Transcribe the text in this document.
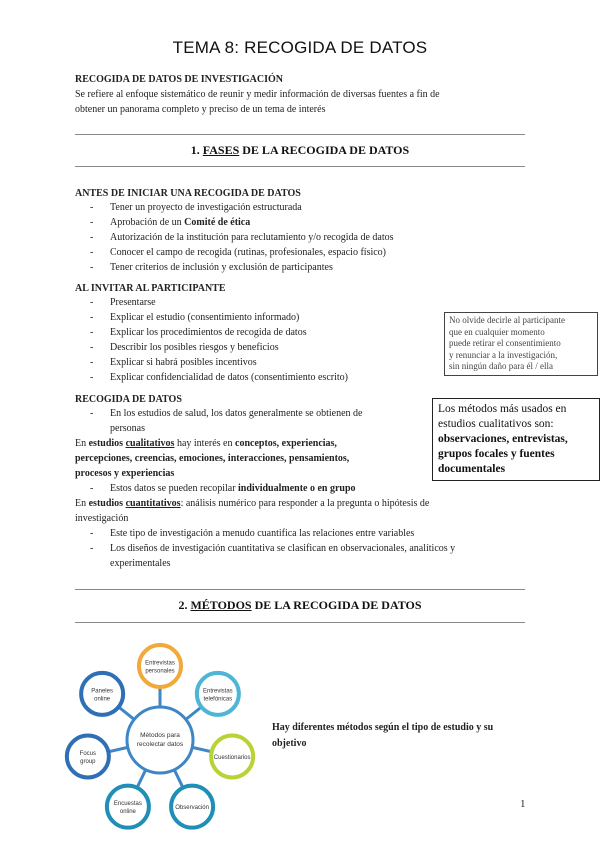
TEMA 8: RECOGIDA DE DATOS
RECOGIDA DE DATOS DE INVESTIGACIÓN
Se refiere al enfoque sistemático de reunir y medir información de diversas fuentes a fin de
obtener un panorama completo y preciso de un tema de interés
1. FASES DE LA RECOGIDA DE DATOS
ANTES DE INICIAR UNA RECOGIDA DE DATOS
- Tener un proyecto de investigación estructurada
- Aprobación de un Comité de ética
- Autorización de la institución para reclutamiento y/o recogida de datos
- Conocer el campo de recogida (rutinas, profesionales, espacio físico)
- Tener criterios de inclusión y exclusión de participantes
AL INVITAR AL PARTICIPANTE
- Presentarse
- Explicar el estudio (consentimiento informado)
- Explicar los procedimientos de recogida de datos
- Describir los posibles riesgos y beneficios
- Explicar si habrá posibles incentivos
- Explicar confidencialidad de datos (consentimiento escrito)
No olvide decirle al participante
que en cualquier momento
puede retirar el consentimiento
y renunciar a la investigación,
sin ningún daño para él / ella
Los métodos más usados en
estudios cualitativos son:
observaciones, entrevistas,
grupos focales y fuentes
documentales
RECOGIDA DE DATOS
- En los estudios de salud, los datos generalmente se obtienen de
personas
En estudios cualitativos hay interés en conceptos, experiencias,
percepciones, creencias, emociones, interacciones, pensamientos,
procesos y experiencias
- Estos datos se pueden recopilar individualmente o en grupo
En estudios cuantitativos: análisis numérico para responder a la pregunta o hipótesis de
investigación
- Este tipo de investigación a menudo cuantifica las relaciones entre variables
- Los diseños de investigación cuantitativa se clasifican en observacionales, analíticos y
experimentales
2. MÉTODOS DE LA RECOGIDA DE DATOS
Métodos para
recolectar datos
Entrevistas
personales
Entrevistas
telefónicas
Cuestionarios
Observación
Encuestas
online
Focus
group
Paneles
online
Hay diferentes métodos según el tipo de estudio y su
objetivo
1
